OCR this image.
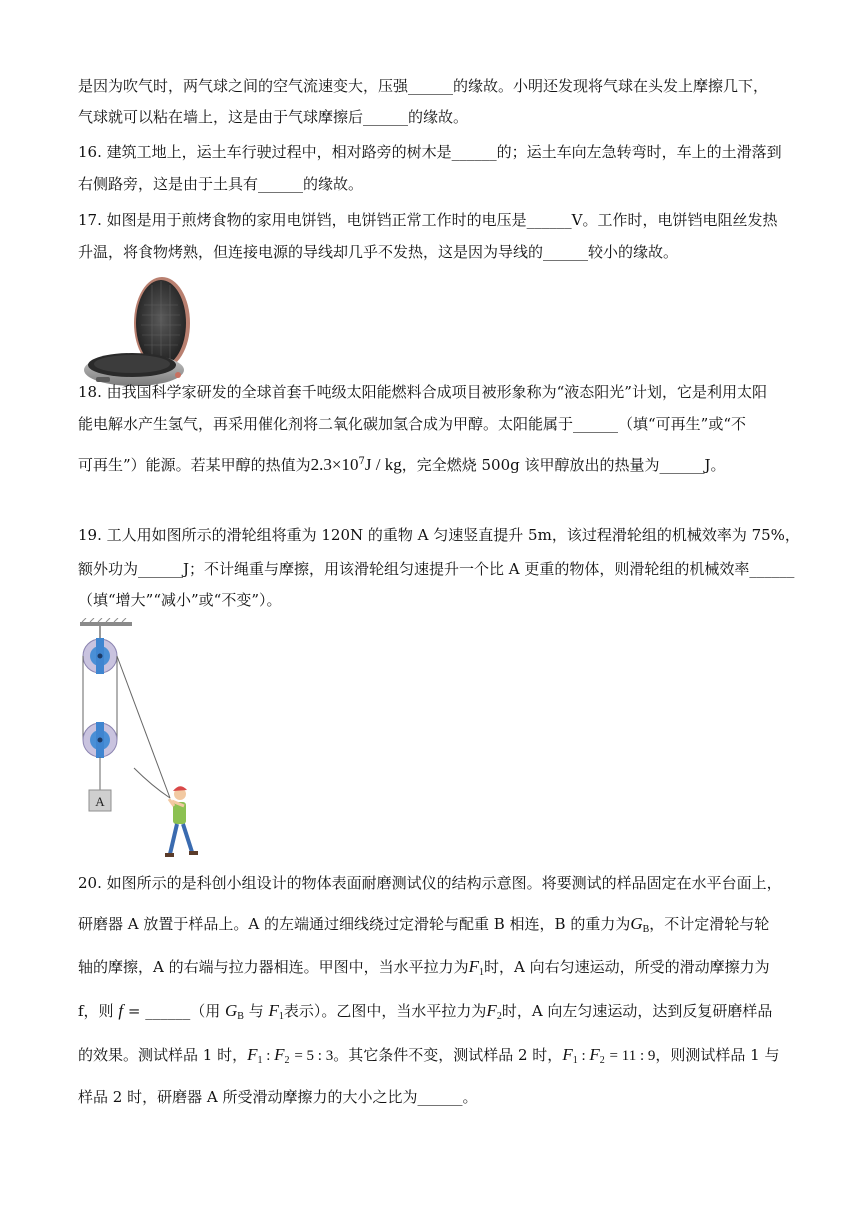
是因为吹气时，两气球之间的空气流速变大，压强______的缘故。小明还发现将气球在头发上摩擦几下，
气球就可以粘在墙上，这是由于气球摩擦后______的缘故。
16. 建筑工地上，运土车行驶过程中，相对路旁的树木是______的；运土车向左急转弯时，车上的土滑落到
右侧路旁，这是由于土具有______的缘故。
17. 如图是用于煎烤食物的家用电饼铛，电饼铛正常工作时的电压是______V。工作时，电饼铛电阻丝发热
升温，将食物烤熟，但连接电源的导线却几乎不发热，这是因为导线的______较小的缘故。
18. 由我国科学家研发的全球首套千吨级太阳能燃料合成项目被形象称为“液态阳光”计划，它是利用太阳
能电解水产生氢气，再采用催化剂将二氧化碳加氢合成为甲醇。太阳能属于______（填“可再生”或“不
可再生”）能源。若某甲醇的热值为$2.3\times 10^7J$ / kg，完全燃烧 500g 该甲醇放出的热量为______J。
19. 工人用如图所示的滑轮组将重为 120N 的重物 A 匀速竖直提升 5m，该过程滑轮组的机械效率为 75%，
额外功为______J；不计绳重与摩擦，用该滑轮组匀速提升一个比 A 更重的物体，则滑轮组的机械效率______
（填“增大”“减小”或“不变”）。
A
20. 如图所示的是科创小组设计的物体表面耐磨测试仪的结构示意图。将要测试的样品固定在水平台面上，
研磨器 A 放置于样品上。A 的左端通过细线绕过定滑轮与配重 B 相连，B 的重力为$G_B$，不计定滑轮与轮
轴的摩擦，A 的右端与拉力器相连。甲图中，当水平拉力为$F_1$时，A 向右匀速运动，所受的滑动摩擦力为
f，则 f = ______（用 $G_B$ 与 $F_1$表示）。乙图中，当水平拉力为$F_2$时，A 向左匀速运动，达到反复研磨样品
的效果。测试样品 1 时，$F_1$ : $F_2 = 5$ : 3。其它条件不变，测试样品 2 时，$F_1$ : $F_2 = 11$ : 9，则测试样品 1 与
样品 2 时，研磨器 A 所受滑动摩擦力的大小之比为______。
